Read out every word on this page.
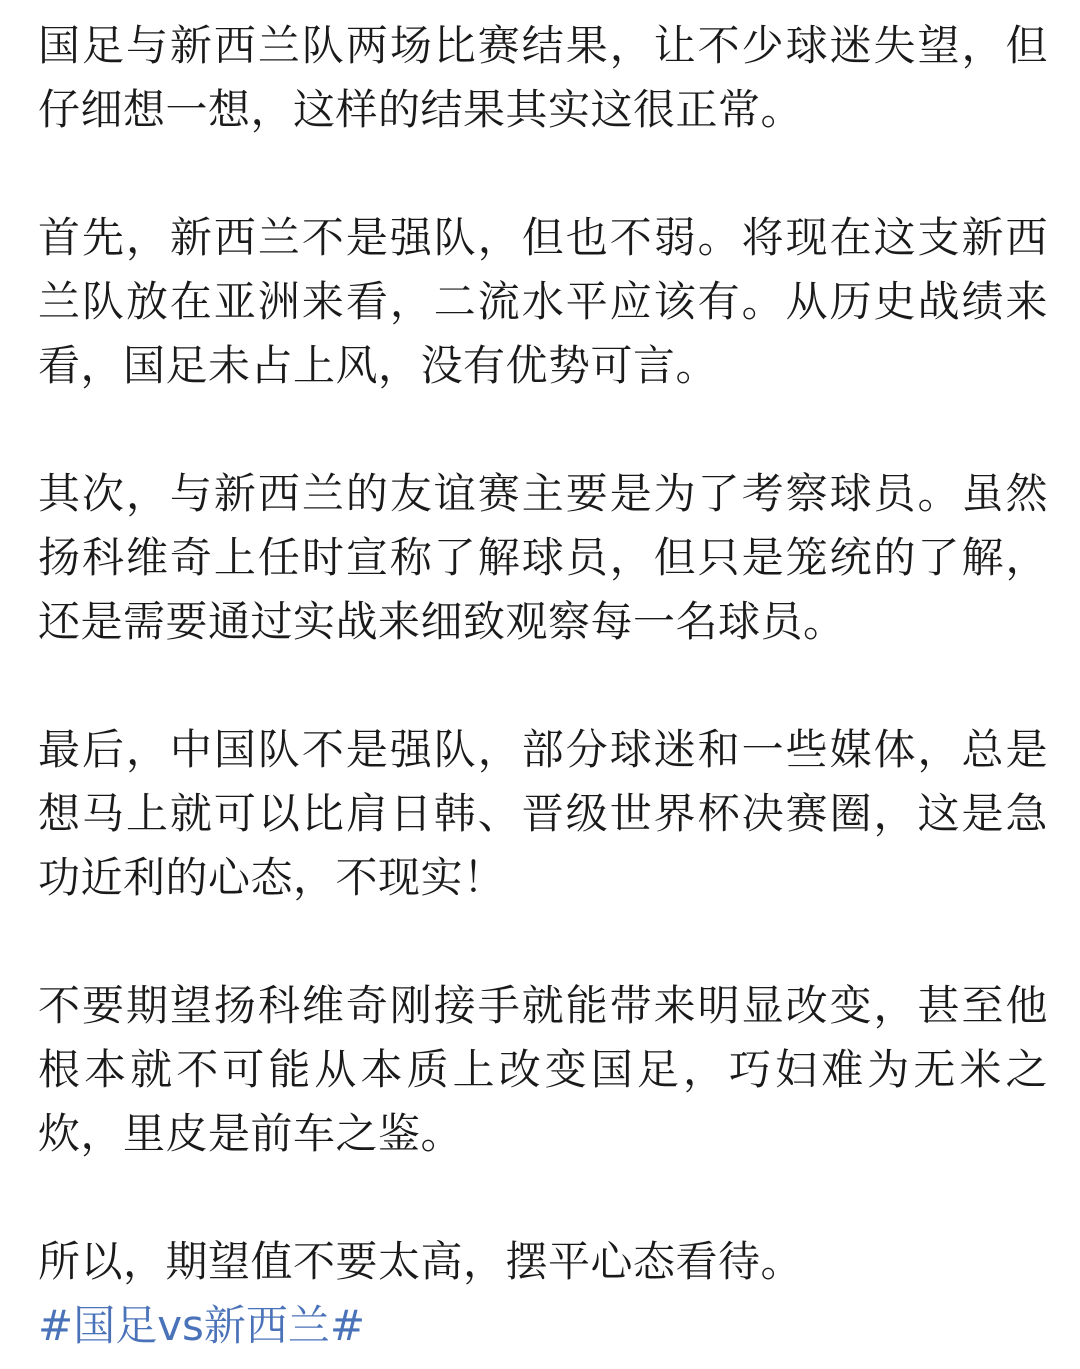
国足与新西兰队两场比赛结果，让不少球迷失望，但仔细想一想，这样的结果其实这很正常。

首先，新西兰不是强队，但也不弱。将现在这支新西兰队放在亚洲来看，二流水平应该有。从历史战绩来看，国足未占上风，没有优势可言。

其次，与新西兰的友谊赛主要是为了考察球员。虽然扬科维奇上任时宣称了解球员，但只是笼统的了解，还是需要通过实战来细致观察每一名球员。

最后，中国队不是强队，部分球迷和一些媒体，总是想马上就可以比肩日韩、晋级世界杯决赛圈，这是急功近利的心态，不现实！

不要期望扬科维奇刚接手就能带来明显改变，甚至他根本就不可能从本质上改变国足，巧妇难为无米之炊，里皮是前车之鉴。

所以，期望值不要太高，摆平心态看待。

#国足vs新西兰#
